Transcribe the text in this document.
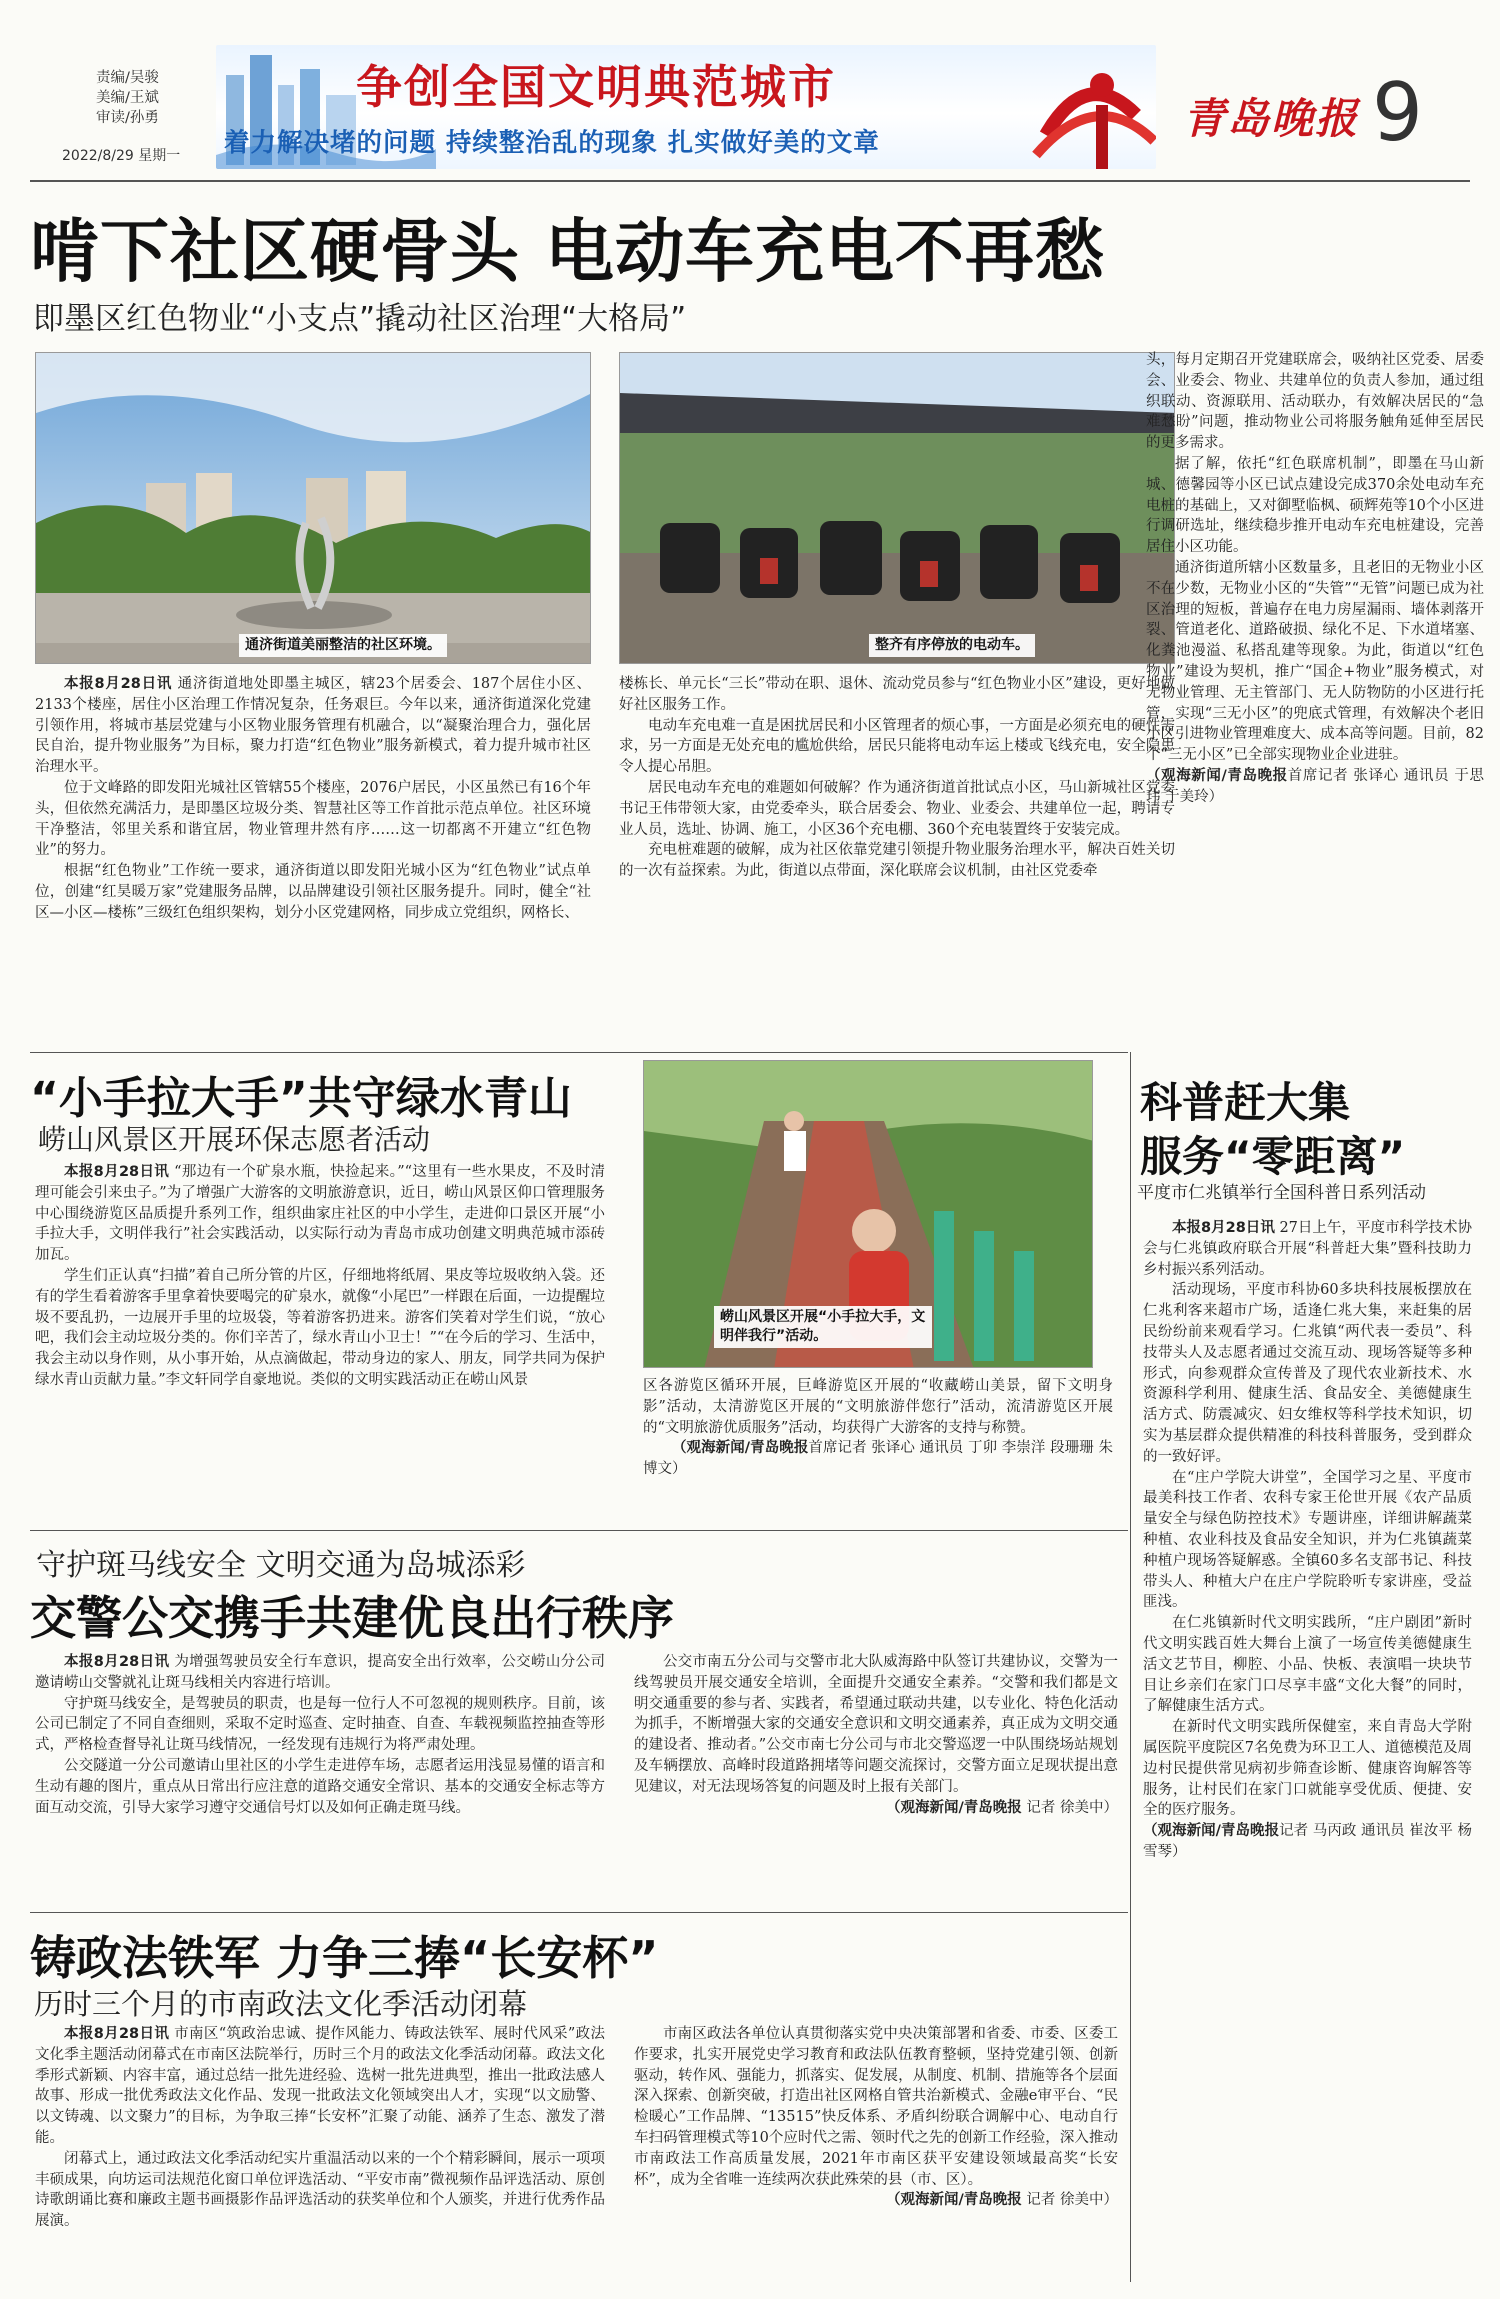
责编/吴骏
美编/王斌
审读/孙勇
2022/8/29 星期一
争创全国文明典范城市
着力解决堵的问题 持续整治乱的现象 扎实做好美的文章	青岛晚报 9
啃下社区硬骨头 电动车充电不再愁
即墨区红色物业“小支点”撬动社区治理“大格局”
通济街道美丽整洁的社区环境。	整齐有序停放的电动车。

本报8月28日讯 通济街道地处即墨主城区，辖23个居委会、187个居住小区、2133个楼座，居住小区治理工作情况复杂，任务艰巨。今年以来，通济街道深化党建引领作用，将城市基层党建与小区物业服务管理有机融合，以“凝聚治理合力，强化居民自治，提升物业服务”为目标，聚力打造“红色物业”服务新模式，着力提升城市社区治理水平。

位于文峰路的即发阳光城社区管辖55个楼座，2076户居民，小区虽然已有16个年头，但依然充满活力，是即墨区垃圾分类、智慧社区等工作首批示范点单位。社区环境干净整洁，邻里关系和谐宜居，物业管理井然有序……这一切都离不开建立“红色物业”的努力。

根据“红色物业”工作统一要求，通济街道以即发阳光城小区为“红色物业”试点单位，创建“红昊暖万家”党建服务品牌，以品牌建设引领社区服务提升。同时，健全“社区—小区—楼栋”三级红色组织架构，划分小区党建网格，同步成立党组织，网格长、

楼栋长、单元长“三长”带动在职、退休、流动党员参与“红色物业小区”建设，更好地做好社区服务工作。

电动车充电难一直是困扰居民和小区管理者的烦心事，一方面是必须充电的硬性需求，另一方面是无处充电的尴尬供给，居民只能将电动车运上楼或飞线充电，安全隐患令人提心吊胆。

居民电动车充电的难题如何破解？作为通济街道首批试点小区，马山新城社区党委书记王伟带领大家，由党委牵头，联合居委会、物业、业委会、共建单位一起，聘请专业人员，选址、协调、施工，小区36个充电棚、360个充电装置终于安装完成。

充电桩难题的破解，成为社区依靠党建引领提升物业服务治理水平，解决百姓关切的一次有益探索。为此，街道以点带面，深化联席会议机制，由社区党委牵

头，每月定期召开党建联席会，吸纳社区党委、居委会、业委会、物业、共建单位的负责人参加，通过组织联动、资源联用、活动联办，有效解决居民的“急难愁盼”问题，推动物业公司将服务触角延伸至居民的更多需求。

据了解，依托“红色联席机制”，即墨在马山新城、德馨园等小区已试点建设完成370余处电动车充电桩的基础上，又对御墅临枫、硕辉苑等10个小区进行调研选址，继续稳步推开电动车充电桩建设，完善居住小区功能。

通济街道所辖小区数量多，且老旧的无物业小区不在少数，无物业小区的“失管”“无管”问题已成为社区治理的短板，普遍存在电力房屋漏雨、墙体剥落开裂、管道老化、道路破损、绿化不足、下水道堵塞、化粪池漫溢、私搭乱建等现象。为此，街道以“红色物业”建设为契机，推广“国企+物业”服务模式，对无物业管理、无主管部门、无人防物防的小区进行托管，实现“三无小区”的兜底式管理，有效解决个老旧小区引进物业管理难度大、成本高等问题。目前，82个“三无小区”已全部实现物业企业进驻。

（观海新闻/青岛晚报首席记者 张译心 通讯员 于思玮 于美玲）

“小手拉大手”共守绿水青山
崂山风景区开展环保志愿者活动

本报8月28日讯 “那边有一个矿泉水瓶，快捡起来。”“这里有一些水果皮，不及时清理可能会引来虫子。”为了增强广大游客的文明旅游意识，近日，崂山风景区仰口管理服务中心围绕游览区品质提升系列工作，组织曲家庄社区的中小学生，走进仰口景区开展“小手拉大手，文明伴我行”社会实践活动，以实际行动为青岛市成功创建文明典范城市添砖加瓦。

学生们正认真“扫描”着自己所分管的片区，仔细地将纸屑、果皮等垃圾收纳入袋。还有的学生看着游客手里拿着快要喝完的矿泉水，就像“小尾巴”一样跟在后面，一边提醒垃圾不要乱扔，一边展开手里的垃圾袋，等着游客扔进来。游客们笑着对学生们说，“放心吧，我们会主动垃圾分类的。你们辛苦了，绿水青山小卫士！”“在今后的学习、生活中，我会主动以身作则，从小事开始，从点滴做起，带动身边的家人、朋友，同学共同为保护绿水青山贡献力量。”李文轩同学自豪地说。类似的文明实践活动正在崂山风景

崂山风景区开展“小手拉大手，文明伴我行”活动。

区各游览区循环开展，巨峰游览区开展的“收藏崂山美景，留下文明身影”活动，太清游览区开展的“文明旅游伴您行”活动，流清游览区开展的“文明旅游优质服务”活动，均获得广大游客的支持与称赞。

（观海新闻/青岛晚报首席记者 张译心 通讯员 丁卯 李崇洋 段珊珊 朱博文）

科普赶大集
服务“零距离”
平度市仁兆镇举行全国科普日系列活动

本报8月28日讯 27日上午，平度市科学技术协会与仁兆镇政府联合开展“科普赶大集”暨科技助力乡村振兴系列活动。

活动现场，平度市科协60多块科技展板摆放在仁兆利客来超市广场，适逢仁兆大集，来赶集的居民纷纷前来观看学习。仁兆镇“两代表一委员”、科技带头人及志愿者通过交流互动、现场答疑等多种形式，向参观群众宣传普及了现代农业新技术、水资源科学利用、健康生活、食品安全、美德健康生活方式、防震减灾、妇女维权等科学技术知识，切实为基层群众提供精准的科技科普服务，受到群众的一致好评。

在“庄户学院大讲堂”，全国学习之星、平度市最美科技工作者、农科专家王伦世开展《农产品质量安全与绿色防控技术》专题讲座，详细讲解蔬菜种植、农业科技及食品安全知识，并为仁兆镇蔬菜种植户现场答疑解惑。全镇60多名支部书记、科技带头人、种植大户在庄户学院聆听专家讲座，受益匪浅。

在仁兆镇新时代文明实践所，“庄户剧团”新时代文明实践百姓大舞台上演了一场宣传美德健康生活文艺节目，柳腔、小品、快板、表演唱一块块节目让乡亲们在家门口尽享丰盛“文化大餐”的同时，了解健康生活方式。

在新时代文明实践所保健室，来自青岛大学附属医院平度院区7名免费为环卫工人、道德模范及周边村民提供常见病初步筛查诊断、健康咨询解答等服务，让村民们在家门口就能享受优质、便捷、安全的医疗服务。

（观海新闻/青岛晚报记者 马丙政 通讯员 崔汝平 杨雪琴）

守护斑马线安全 文明交通为岛城添彩
交警公交携手共建优良出行秩序

本报8月28日讯 为增强驾驶员安全行车意识，提高安全出行效率，公交崂山分公司邀请崂山交警就礼让斑马线相关内容进行培训。

守护斑马线安全，是驾驶员的职责，也是每一位行人不可忽视的规则秩序。目前，该公司已制定了不同自查细则，采取不定时巡查、定时抽查、自查、车载视频监控抽查等形式，严格检查督导礼让斑马线情况，一经发现有违规行为将严肃处理。

公交隧道一分公司邀请山里社区的小学生走进停车场，志愿者运用浅显易懂的语言和生动有趣的图片，重点从日常出行应注意的道路交通安全常识、基本的交通安全标志等方面互动交流，引导大家学习遵守交通信号灯以及如何正确走斑马线。

公交市南五分公司与交警市北大队威海路中队签订共建协议，交警为一线驾驶员开展交通安全培训，全面提升交通安全素养。“交警和我们都是文明交通重要的参与者、实践者，希望通过联动共建，以专业化、特色化活动为抓手，不断增强大家的交通安全意识和文明交通素养，真正成为文明交通的建设者、推动者。”公交市南七分公司与市北交警巡逻一中队围绕场站规划及车辆摆放、高峰时段道路拥堵等问题交流探讨，交警方面立足现状提出意见建议，对无法现场答复的问题及时上报有关部门。

（观海新闻/青岛晚报 记者 徐美中）

铸政法铁军 力争三捧“长安杯”
历时三个月的市南政法文化季活动闭幕

本报8月28日讯 市南区“筑政治忠诚、提作风能力、铸政法铁军、展时代风采”政法文化季主题活动闭幕式在市南区法院举行，历时三个月的政法文化季活动闭幕。政法文化季形式新颖、内容丰富，通过总结一批先进经验、选树一批先进典型，推出一批政法感人故事、形成一批优秀政法文化作品、发现一批政法文化领域突出人才，实现“以文励警、以文铸魂、以文聚力”的目标，为争取三捧“长安杯”汇聚了动能、涵养了生态、激发了潜能。

闭幕式上，通过政法文化季活动纪实片重温活动以来的一个个精彩瞬间，展示一项项丰硕成果，向坊运司法规范化窗口单位评选活动、“平安市南”微视频作品评选活动、原创诗歌朗诵比赛和廉政主题书画摄影作品评选活动的获奖单位和个人颁奖，并进行优秀作品展演。

市南区政法各单位认真贯彻落实党中央决策部署和省委、市委、区委工作要求，扎实开展党史学习教育和政法队伍教育整顿，坚持党建引领、创新驱动，转作风、强能力，抓落实、促发展，从制度、机制、措施等各个层面深入探索、创新突破，打造出社区网格自管共治新模式、金融e审平台、“民检暖心”工作品牌、“13515”快反体系、矛盾纠纷联合调解中心、电动自行车扫码管理模式等10个应时代之需、领时代之先的创新工作经验，深入推动市南政法工作高质量发展，2021年市南区获平安建设领域最高奖“长安杯”，成为全省唯一连续两次获此殊荣的县（市、区）。

（观海新闻/青岛晚报 记者 徐美中）
